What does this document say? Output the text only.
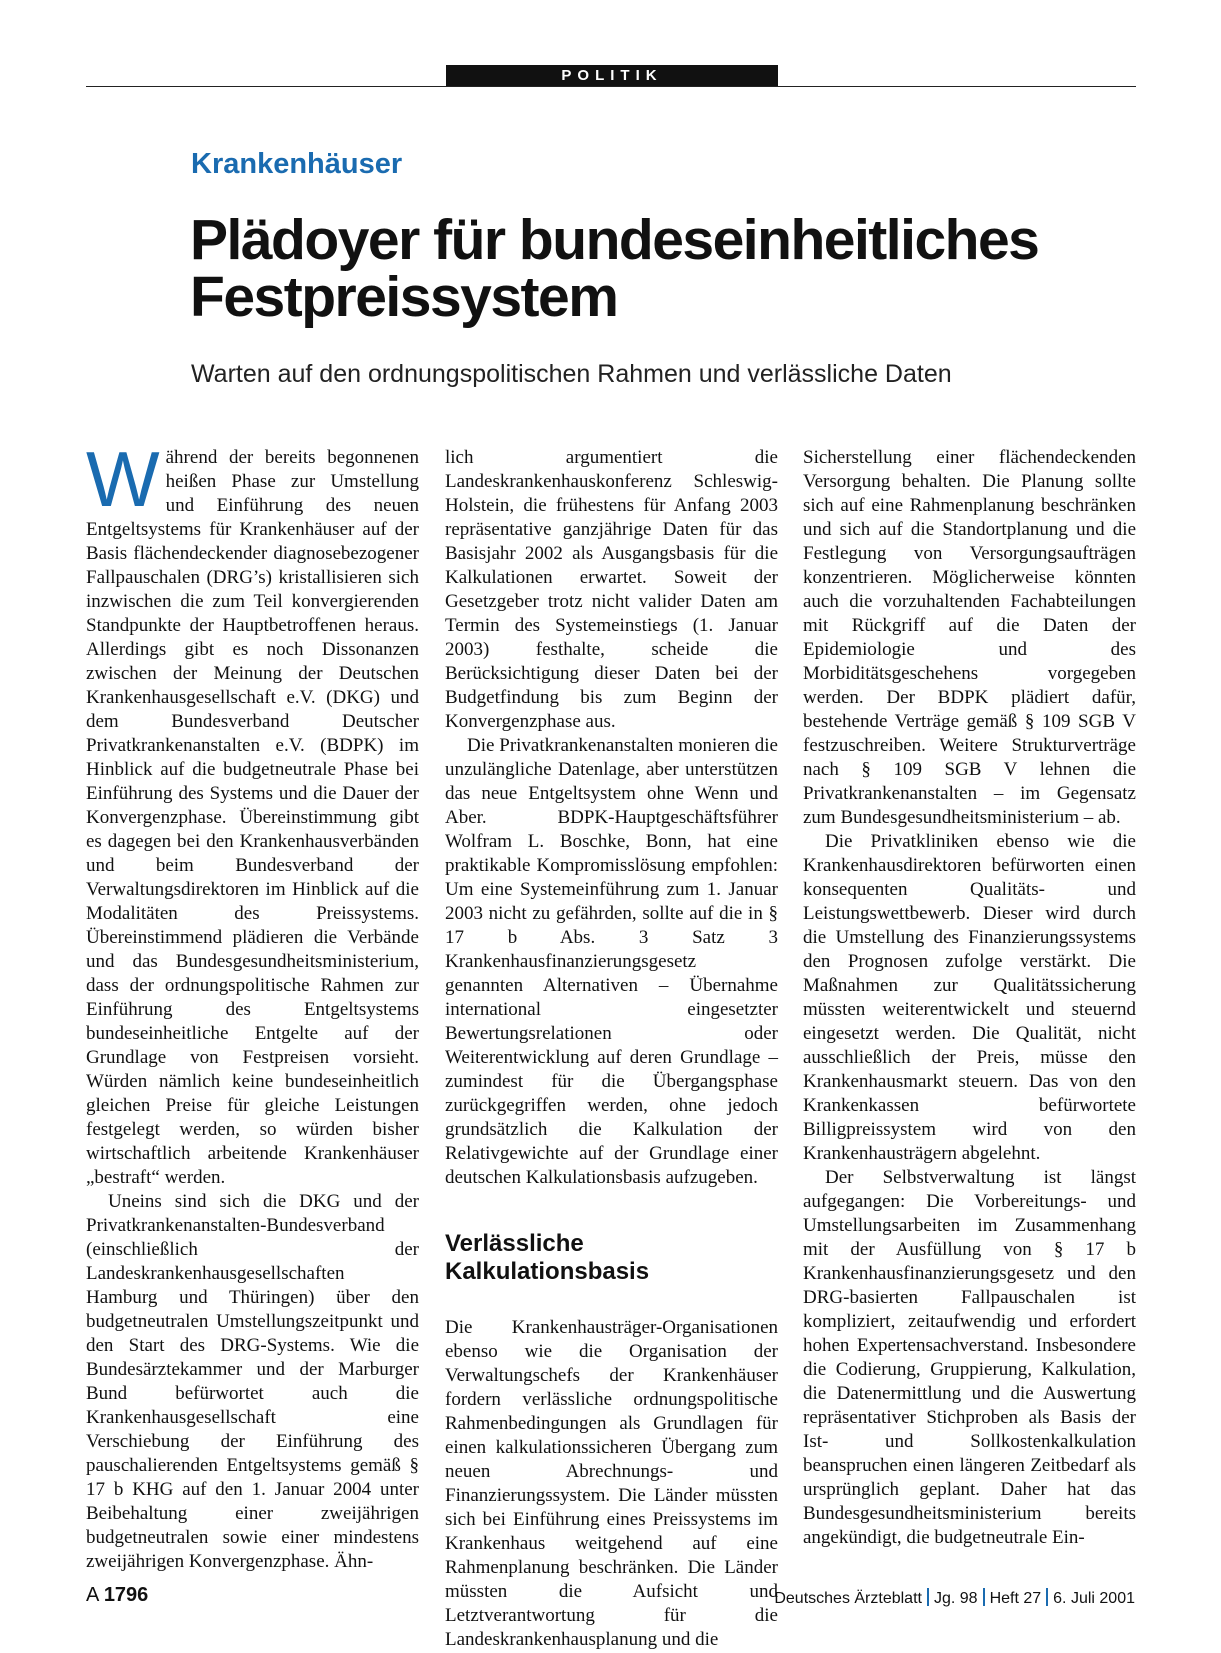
POLITIK
Krankenhäuser
Plädoyer für bundeseinheitliches
Festpreissystem
Warten auf den ordnungspolitischen Rahmen und verlässliche Daten

Während der bereits begonnenen heißen Phase zur Umstellung und Einführung des neuen Entgeltsystems für Krankenhäuser auf der Basis flächendeckender diagnosebezogener Fallpauschalen (DRG’s) kristallisieren sich inzwischen die zum Teil konvergierenden Standpunkte der Hauptbetroffenen heraus. Allerdings gibt es noch Dissonanzen zwischen der Meinung der Deutschen Krankenhausgesellschaft e.V. (DKG) und dem Bundesverband Deutscher Privatkrankenanstalten e.V. (BDPK) im Hinblick auf die budgetneutrale Phase bei Einführung des Systems und die Dauer der Konvergenzphase. Übereinstimmung gibt es dagegen bei den Krankenhausverbänden und beim Bundesverband der Verwaltungsdirektoren im Hinblick auf die Modalitäten des Preissystems. Übereinstimmend plädieren die Verbände und das Bundesgesundheitsministerium, dass der ordnungspolitische Rahmen zur Einführung des Entgeltsystems bundeseinheitliche Entgelte auf der Grundlage von Festpreisen vorsieht. Würden nämlich keine bundeseinheitlich gleichen Preise für gleiche Leistungen festgelegt werden, so würden bisher wirtschaftlich arbeitende Krankenhäuser „bestraft“ werden.

Uneins sind sich die DKG und der Privatkrankenanstalten-Bundesverband (einschließlich der Landeskrankenhausgesellschaften Hamburg und Thüringen) über den budgetneutralen Umstellungszeitpunkt und den Start des DRG-Systems. Wie die Bundesärztekammer und der Marburger Bund befürwortet auch die Krankenhausgesellschaft eine Verschiebung der Einführung des pauschalierenden Entgeltsystems gemäß § 17 b KHG auf den 1. Januar 2004 unter Beibehaltung einer zweijährigen budgetneutralen sowie einer mindestens zweijährigen Konvergenzphase. Ähn-

lich argumentiert die Landeskrankenhauskonferenz Schleswig-Holstein, die frühestens für Anfang 2003 repräsentative ganzjährige Daten für das Basisjahr 2002 als Ausgangsbasis für die Kalkulationen erwartet. Soweit der Gesetzgeber trotz nicht valider Daten am Termin des Systemeinstiegs (1. Januar 2003) festhalte, scheide die Berücksichtigung dieser Daten bei der Budgetfindung bis zum Beginn der Konvergenzphase aus.

Die Privatkrankenanstalten monieren die unzulängliche Datenlage, aber unterstützen das neue Entgeltsystem ohne Wenn und Aber. BDPK-Hauptgeschäftsführer Wolfram L. Boschke, Bonn, hat eine praktikable Kompromisslösung empfohlen: Um eine Systemeinführung zum 1. Januar 2003 nicht zu gefährden, sollte auf die in § 17 b Abs. 3 Satz 3 Krankenhausfinanzierungsgesetz genannten Alternativen – Übernahme international eingesetzter Bewertungsrelationen oder Weiterentwicklung auf deren Grundlage – zumindest für die Übergangsphase zurückgegriffen werden, ohne jedoch grundsätzlich die Kalkulation der Relativgewichte auf der Grundlage einer deutschen Kalkulationsbasis aufzugeben.

Verlässliche Kalkulationsbasis

Die Krankenhausträger-Organisationen ebenso wie die Organisation der Verwaltungschefs der Krankenhäuser fordern verlässliche ordnungspolitische Rahmenbedingungen als Grundlagen für einen kalkulationssicheren Übergang zum neuen Abrechnungs- und Finanzierungssystem. Die Länder müssten sich bei Einführung eines Preissystems im Krankenhaus weitgehend auf eine Rahmenplanung beschränken. Die Länder müssten die Aufsicht und Letztverantwortung für die Landeskrankenhausplanung und die

Sicherstellung einer flächendeckenden Versorgung behalten. Die Planung sollte sich auf eine Rahmenplanung beschränken und sich auf die Standortplanung und die Festlegung von Versorgungsaufträgen konzentrieren. Möglicherweise könnten auch die vorzuhaltenden Fachabteilungen mit Rückgriff auf die Daten der Epidemiologie und des Morbiditätsgeschehens vorgegeben werden. Der BDPK plädiert dafür, bestehende Verträge gemäß § 109 SGB V festzuschreiben. Weitere Strukturverträge nach § 109 SGB V lehnen die Privatkrankenanstalten – im Gegensatz zum Bundesgesundheitsministerium – ab.

Die Privatkliniken ebenso wie die Krankenhausdirektoren befürworten einen konsequenten Qualitäts- und Leistungswettbewerb. Dieser wird durch die Umstellung des Finanzierungssystems den Prognosen zufolge verstärkt. Die Maßnahmen zur Qualitätssicherung müssten weiterentwickelt und steuernd eingesetzt werden. Die Qualität, nicht ausschließlich der Preis, müsse den Krankenhausmarkt steuern. Das von den Krankenkassen befürwortete Billigpreissystem wird von den Krankenhausträgern abgelehnt.

Der Selbstverwaltung ist längst aufgegangen: Die Vorbereitungs- und Umstellungsarbeiten im Zusammenhang mit der Ausfüllung von § 17 b Krankenhausfinanzierungsgesetz und den DRG-basierten Fallpauschalen ist kompliziert, zeitaufwendig und erfordert hohen Expertensachverstand. Insbesondere die Codierung, Gruppierung, Kalkulation, die Datenermittlung und die Auswertung repräsentativer Stichproben als Basis der Ist- und Sollkostenkalkulation beanspruchen einen längeren Zeitbedarf als ursprünglich geplant. Daher hat das Bundesgesundheitsministerium bereits angekündigt, die budgetneutrale Ein-

A 1796	Deutsches Ärzteblatt Jg. 98 Heft 27 6. Juli 2001
